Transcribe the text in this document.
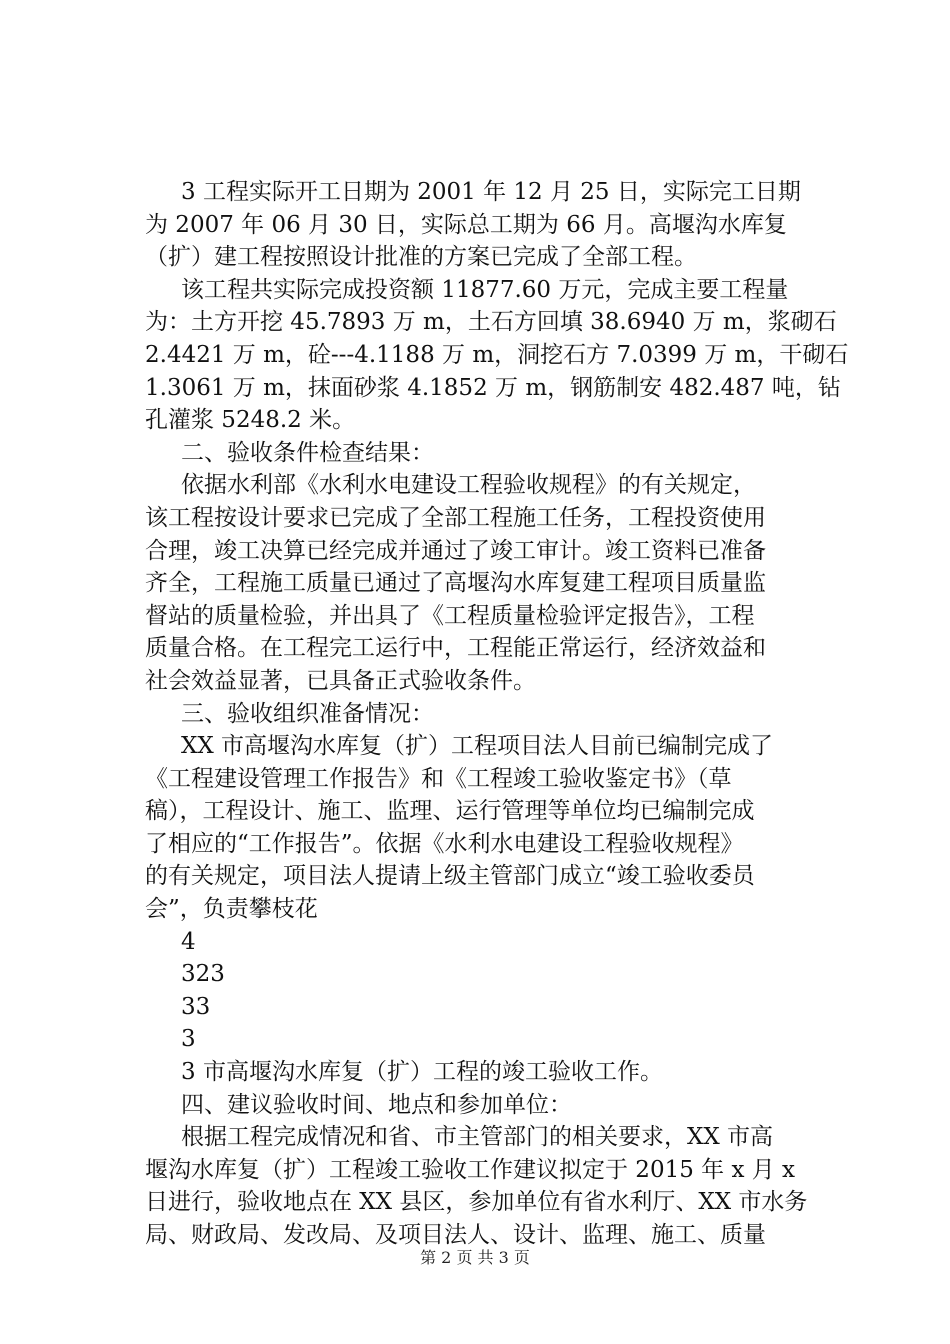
3 工程实际开工日期为 2001 年 12 月 25 日，实际完工日期
为 2007 年 06 月 30 日，实际总工期为 66 月。高堰沟水库复
（扩）建工程按照设计批准的方案已完成了全部工程。
该工程共实际完成投资额 11877.60 万元，完成主要工程量
为：土方开挖 45.7893 万 m，土石方回填 38.6940 万 m，浆砌石
2.4421 万 m，砼---4.1188 万 m，洞挖石方 7.0399 万 m，干砌石
1.3061 万 m，抹面砂浆 4.1852 万 m，钢筋制安 482.487 吨，钻
孔灌浆 5248.2 米。
二、验收条件检查结果：
依据水利部《水利水电建设工程验收规程》的有关规定，
该工程按设计要求已完成了全部工程施工任务，工程投资使用
合理，竣工决算已经完成并通过了竣工审计。竣工资料已准备
齐全，工程施工质量已通过了高堰沟水库复建工程项目质量监
督站的质量检验，并出具了《工程质量检验评定报告》，工程
质量合格。在工程完工运行中，工程能正常运行，经济效益和
社会效益显著，已具备正式验收条件。
三、验收组织准备情况：
XX 市高堰沟水库复（扩）工程项目法人目前已编制完成了
《工程建设管理工作报告》和《工程竣工验收鉴定书》（草
稿），工程设计、施工、监理、运行管理等单位均已编制完成
了相应的“工作报告”。依据《水利水电建设工程验收规程》
的有关规定，项目法人提请上级主管部门成立“竣工验收委员
会”，负责攀枝花
4
323
33
3
3 市高堰沟水库复（扩）工程的竣工验收工作。
四、建议验收时间、地点和参加单位：
根据工程完成情况和省、市主管部门的相关要求，XX 市高
堰沟水库复（扩）工程竣工验收工作建议拟定于 2015 年 x 月 x
日进行，验收地点在 XX 县区，参加单位有省水利厅、XX 市水务
局、财政局、发改局、及项目法人、设计、监理、施工、质量
第 2 页 共 3 页
